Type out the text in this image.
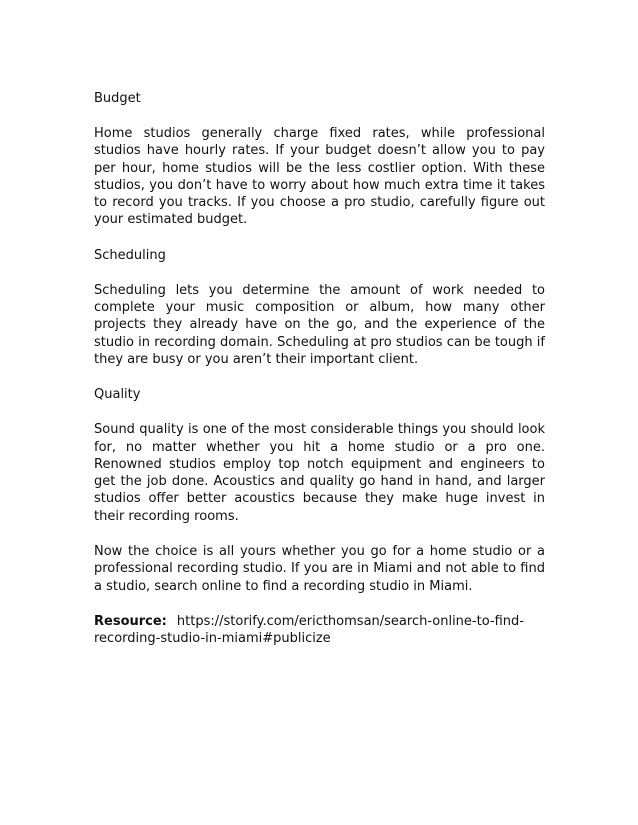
Budget

Home studios generally charge fixed rates, while professional studios have hourly rates. If your budget doesn’t allow you to pay per hour, home studios will be the less costlier option. With these studios, you don’t have to worry about how much extra time it takes to record you tracks. If you choose a pro studio, carefully figure out your estimated budget.

Scheduling

Scheduling lets you determine the amount of work needed to complete your music composition or album, how many other projects they already have on the go, and the experience of the studio in recording domain. Scheduling at pro studios can be tough if they are busy or you aren’t their important client.

Quality

Sound quality is one of the most considerable things you should look for, no matter whether you hit a home studio or a pro one. Renowned studios employ top notch equipment and engineers to get the job done. Acoustics and quality go hand in hand, and larger studios offer better acoustics because they make huge invest in their recording rooms.

Now the choice is all yours whether you go for a home studio or a professional recording studio. If you are in Miami and not able to find a studio, search online to find a recording studio in Miami.

Resource: https://storify.com/ericthomsan/search-online-to-find-recording-studio-in-miami#publicize
